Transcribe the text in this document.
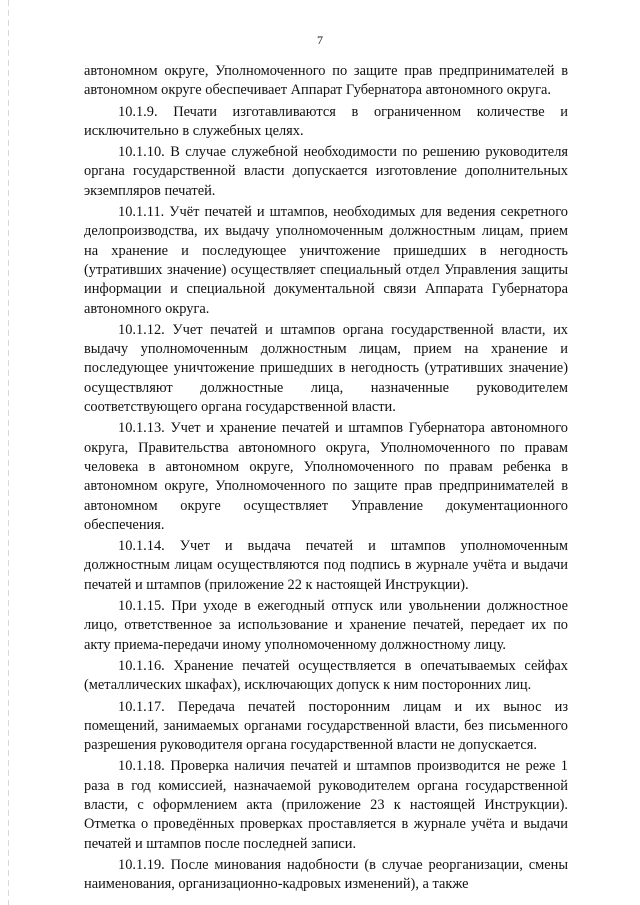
7

автономном округе, Уполномоченного по защите прав предпринимателей в автономном округе обеспечивает Аппарат Губернатора автономного округа.

10.1.9. Печати изготавливаются в ограниченном количестве и исключительно в служебных целях.

10.1.10. В случае служебной необходимости по решению руководителя органа государственной власти допускается изготовление дополнительных экземпляров печатей.

10.1.11. Учёт печатей и штампов, необходимых для ведения секретного делопроизводства, их выдачу уполномоченным должностным лицам, прием на хранение и последующее уничтожение пришедших в негодность (утративших значение) осуществляет специальный отдел Управления защиты информации и специальной документальной связи Аппарата Губернатора автономного округа.

10.1.12. Учет печатей и штампов органа государственной власти, их выдачу уполномоченным должностным лицам, прием на хранение и последующее уничтожение пришедших в негодность (утративших значение) осуществляют должностные лица, назначенные руководителем соответствующего органа государственной власти.

10.1.13. Учет и хранение печатей и штампов Губернатора автономного округа, Правительства автономного округа, Уполномоченного по правам человека в автономном округе, Уполномоченного по правам ребенка в автономном округе, Уполномоченного по защите прав предпринимателей в автономном округе осуществляет Управление документационного обеспечения.

10.1.14. Учет и выдача печатей и штампов уполномоченным должностным лицам осуществляются под подпись в журнале учёта и выдачи печатей и штампов (приложение 22 к настоящей Инструкции).

10.1.15. При уходе в ежегодный отпуск или увольнении должностное лицо, ответственное за использование и хранение печатей, передает их по акту приема-передачи иному уполномоченному должностному лицу.

10.1.16. Хранение печатей осуществляется в опечатываемых сейфах (металлических шкафах), исключающих допуск к ним посторонних лиц.

10.1.17. Передача печатей посторонним лицам и их вынос из помещений, занимаемых органами государственной власти, без письменного разрешения руководителя органа государственной власти не допускается.

10.1.18. Проверка наличия печатей и штампов производится не реже 1 раза в год комиссией, назначаемой руководителем органа государственной власти, с оформлением акта (приложение 23 к настоящей Инструкции). Отметка о проведённых проверках проставляется в журнале учёта и выдачи печатей и штампов после последней записи.

10.1.19. После минования надобности (в случае реорганизации, смены наименования, организационно-кадровых изменений), а также
